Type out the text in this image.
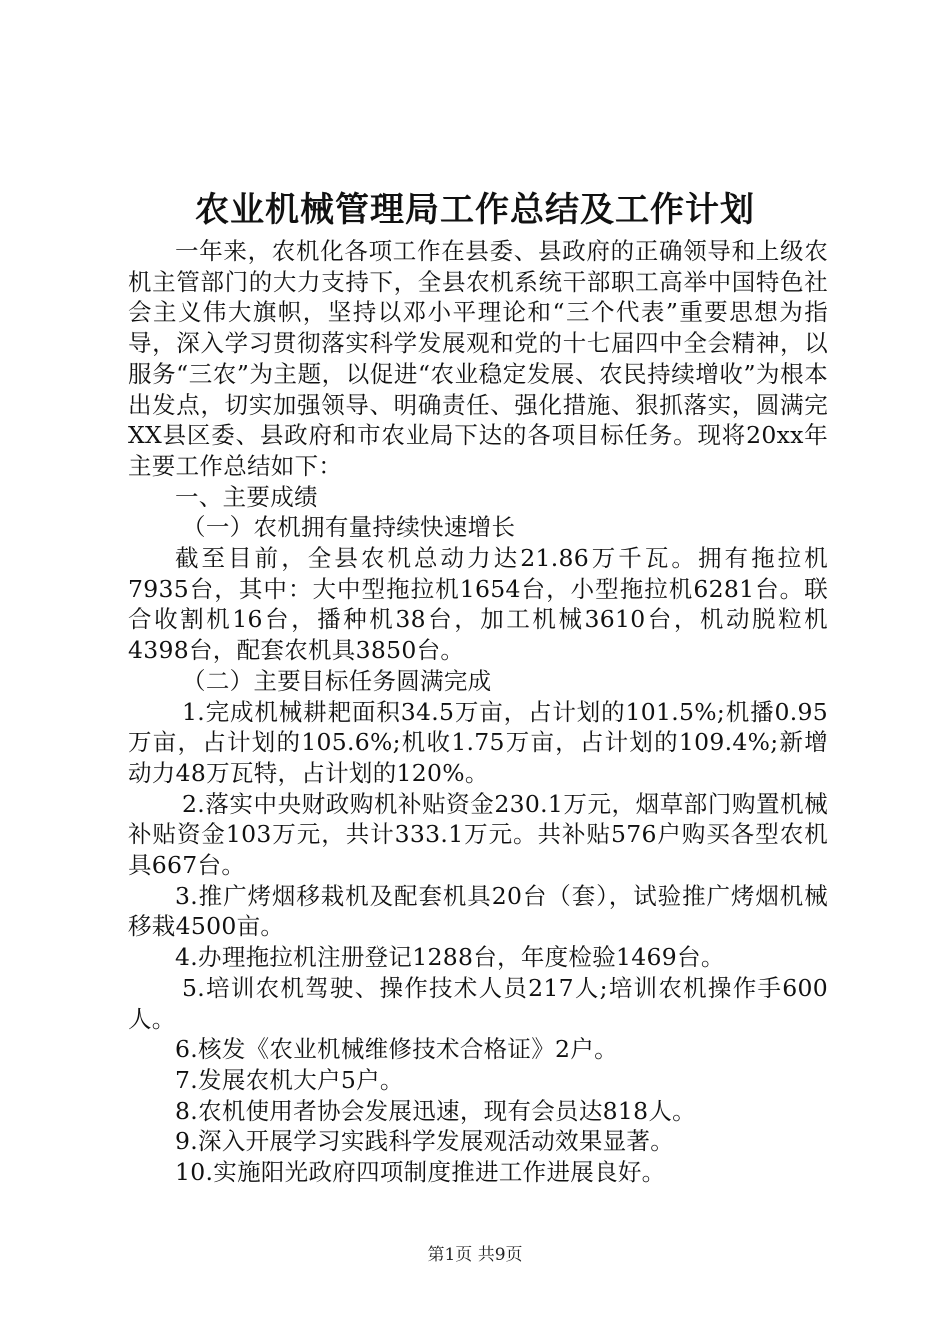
农业机械管理局工作总结及工作计划

一年来，农机化各项工作在县委、县政府的正确领导和上级农机主管部门的大力支持下，全县农机系统干部职工高举中国特色社会主义伟大旗帜，坚持以邓小平理论和“三个代表”重要思想为指导，深入学习贯彻落实科学发展观和党的十七届四中全会精神，以服务“三农”为主题，以促进“农业稳定发展、农民持续增收”为根本出发点，切实加强领导、明确责任、强化措施、狠抓落实，圆满完XX县区委、县政府和市农业局下达的各项目标任务。现将20xx年主要工作总结如下：

一、主要成绩

（一）农机拥有量持续快速增长

截至目前，全县农机总动力达21.86万千瓦。拥有拖拉机7935台，其中：大中型拖拉机1654台，小型拖拉机6281台。联合收割机16台，播种机38台，加工机械3610台，机动脱粒机4398台，配套农机具3850台。

（二）主要目标任务圆满完成

1.完成机械耕耙面积34.5万亩，占计划的101.5%;机播0.95万亩，占计划的105.6%;机收1.75万亩，占计划的109.4%;新增动力48万瓦特，占计划的120%。

2.落实中央财政购机补贴资金230.1万元，烟草部门购置机械补贴资金103万元，共计333.1万元。共补贴576户购买各型农机具667台。

3.推广烤烟移栽机及配套机具20台（套），试验推广烤烟机械移栽4500亩。

4.办理拖拉机注册登记1288台，年度检验1469台。

5.培训农机驾驶、操作技术人员217人;培训农机操作手600人。

6.核发《农业机械维修技术合格证》2户。

7.发展农机大户5户。

8.农机使用者协会发展迅速，现有会员达818人。

9.深入开展学习实践科学发展观活动效果显著。

10.实施阳光政府四项制度推进工作进展良好。

第1页 共9页
